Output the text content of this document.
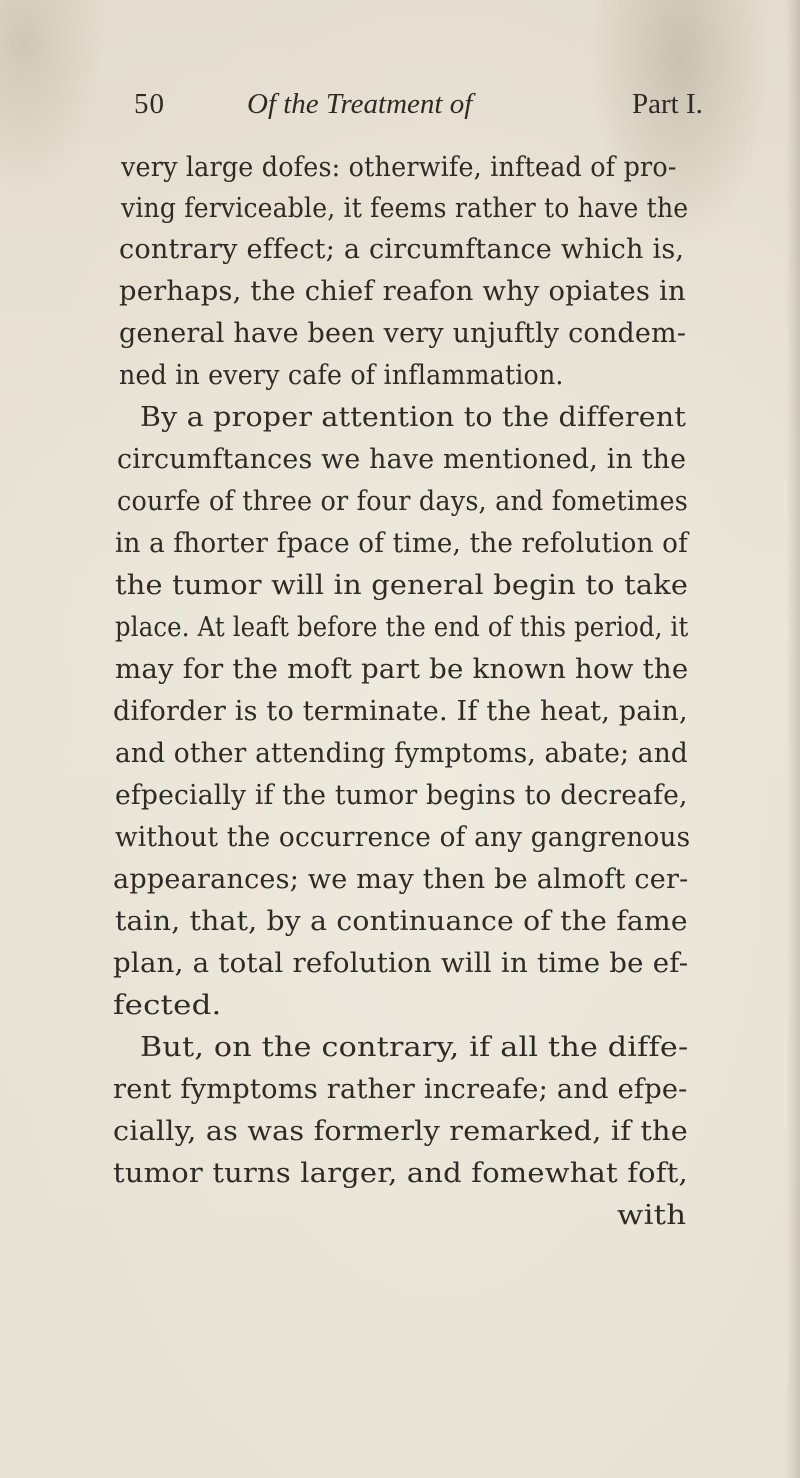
50	Of the Treatment of	Part I.
very large dofes: otherwife, inftead of pro-
ving ferviceable, it feems rather to have the
contrary effect; a circumftance which is,
perhaps, the chief reafon why opiates in
general have been very unjuftly condem-
ned in every cafe of inflammation.
By a proper attention to the different
circumftances we have mentioned, in the
courfe of three or four days, and fometimes
in a fhorter fpace of time, the refolution of
the tumor will in general begin to take
place. At leaft before the end of this period, it
may for the moft part be known how the
diforder is to terminate. If the heat, pain,
and other attending fymptoms, abate; and
efpecially if the tumor begins to decreafe,
without the occurrence of any gangrenous
appearances; we may then be almoft cer-
tain, that, by a continuance of the fame
plan, a total refolution will in time be ef-
fected.
But, on the contrary, if all the diffe-
rent fymptoms rather increafe; and efpe-
cially, as was formerly remarked, if the
tumor turns larger, and fomewhat foft,
with
